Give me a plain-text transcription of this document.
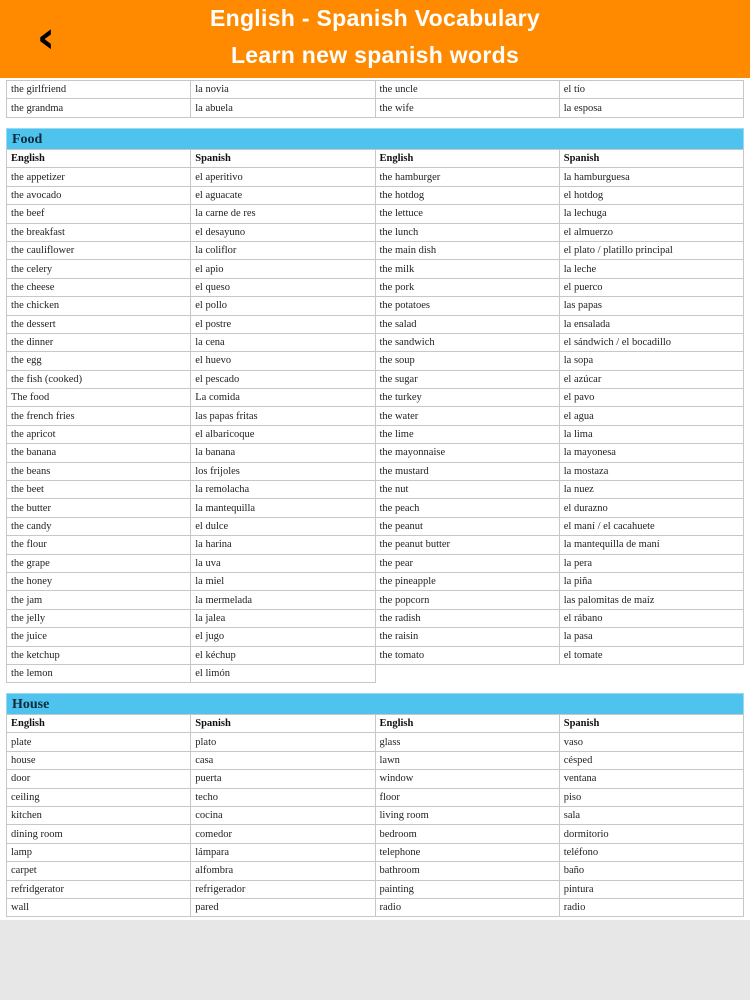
‹	English - Spanish Vocabulary
Learn new spanish words
the girlfriend	la novia	the uncle	el tío
the grandma	la abuela	the wife	la esposa
Food
English	Spanish	English	Spanish
the appetizer	el aperitivo	the hamburger	la hamburguesa
the avocado	el aguacate	the hotdog	el hotdog
the beef	la carne de res	the lettuce	la lechuga
the breakfast	el desayuno	the lunch	el almuerzo
the cauliflower	la coliflor	the main dish	el plato / platillo principal
the celery	el apio	the milk	la leche
the cheese	el queso	the pork	el puerco
the chicken	el pollo	the potatoes	las papas
the dessert	el postre	the salad	la ensalada
the dinner	la cena	the sandwich	el sándwich / el bocadillo
the egg	el huevo	the soup	la sopa
the fish (cooked)	el pescado	the sugar	el azúcar
The food	La comida	the turkey	el pavo
the french fries	las papas fritas	the water	el agua
the apricot	el albaricoque	the lime	la lima
the banana	la banana	the mayonnaise	la mayonesa
the beans	los frijoles	the mustard	la mostaza
the beet	la remolacha	the nut	la nuez
the butter	la mantequilla	the peach	el durazno
the candy	el dulce	the peanut	el maní / el cacahuete
the flour	la harina	the peanut butter	la mantequilla de maní
the grape	la uva	the pear	la pera
the honey	la miel	the pineapple	la piña
the jam	la mermelada	the popcorn	las palomitas de maíz
the jelly	la jalea	the radish	el rábano
the juice	el jugo	the raisin	la pasa
the ketchup	el kéchup	the tomato	el tomate
the lemon	el limón		
House
English	Spanish	English	Spanish
plate	plato	glass	vaso
house	casa	lawn	césped
door	puerta	window	ventana
ceiling	techo	floor	piso
kitchen	cocina	living room	sala
dining room	comedor	bedroom	dormitorio
lamp	lámpara	telephone	teléfono
carpet	alfombra	bathroom	baño
refridgerator	refrigerador	painting	pintura
wall	pared	radio	radio
